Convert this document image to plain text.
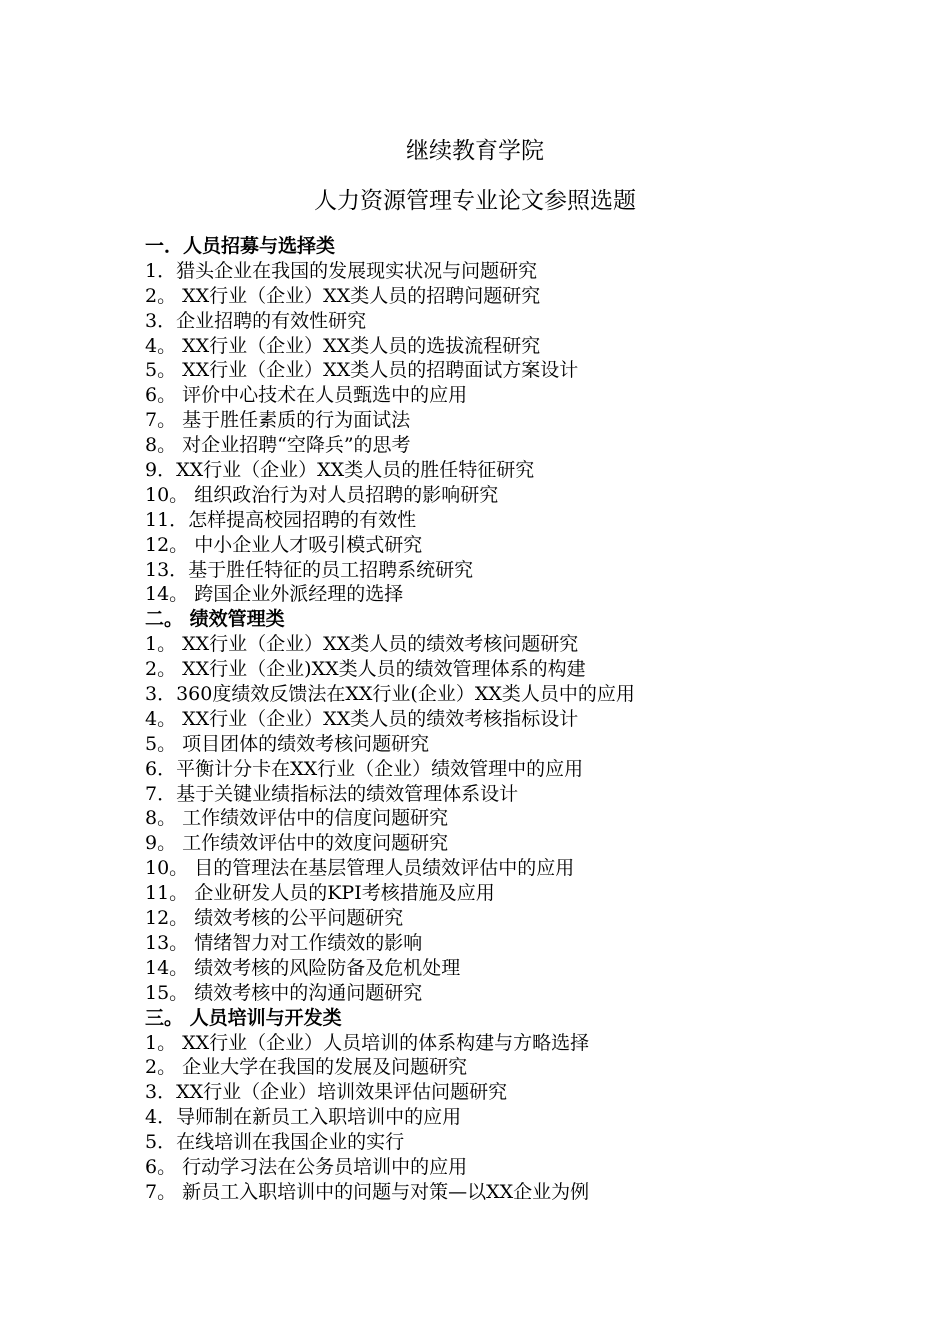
继续教育学院

人力资源管理专业论文参照选题

一．人员招募与选择类

1．猎头企业在我国的发展现实状况与问题研究

2。 XX行业（企业）XX类人员的招聘问题研究

3．企业招聘的有效性研究

4。 XX行业（企业）XX类人员的选拔流程研究

5。 XX行业（企业）XX类人员的招聘面试方案设计

6。 评价中心技术在人员甄选中的应用

7。 基于胜任素质的行为面试法

8。 对企业招聘“空降兵”的思考

9．XX行业（企业）XX类人员的胜任特征研究

10。 组织政治行为对人员招聘的影响研究

11．怎样提高校园招聘的有效性

12。 中小企业人才吸引模式研究

13．基于胜任特征的员工招聘系统研究

14。 跨国企业外派经理的选择

二。 绩效管理类

1。 XX行业（企业）XX类人员的绩效考核问题研究

2。 XX行业（企业)XX类人员的绩效管理体系的构建

3．360度绩效反馈法在XX行业(企业）XX类人员中的应用

4。 XX行业（企业）XX类人员的绩效考核指标设计

5。 项目团体的绩效考核问题研究

6．平衡计分卡在XX行业（企业）绩效管理中的应用

7．基于关键业绩指标法的绩效管理体系设计

8。 工作绩效评估中的信度问题研究

9。 工作绩效评估中的效度问题研究

10。 目的管理法在基层管理人员绩效评估中的应用

11。 企业研发人员的KPI考核措施及应用

12。 绩效考核的公平问题研究

13。 情绪智力对工作绩效的影响

14。 绩效考核的风险防备及危机处理

15。 绩效考核中的沟通问题研究

三。 人员培训与开发类

1。 XX行业（企业）人员培训的体系构建与方略选择

2。 企业大学在我国的发展及问题研究

3．XX行业（企业）培训效果评估问题研究

4．导师制在新员工入职培训中的应用

5．在线培训在我国企业的实行

6。 行动学习法在公务员培训中的应用

7。 新员工入职培训中的问题与对策—以XX企业为例
